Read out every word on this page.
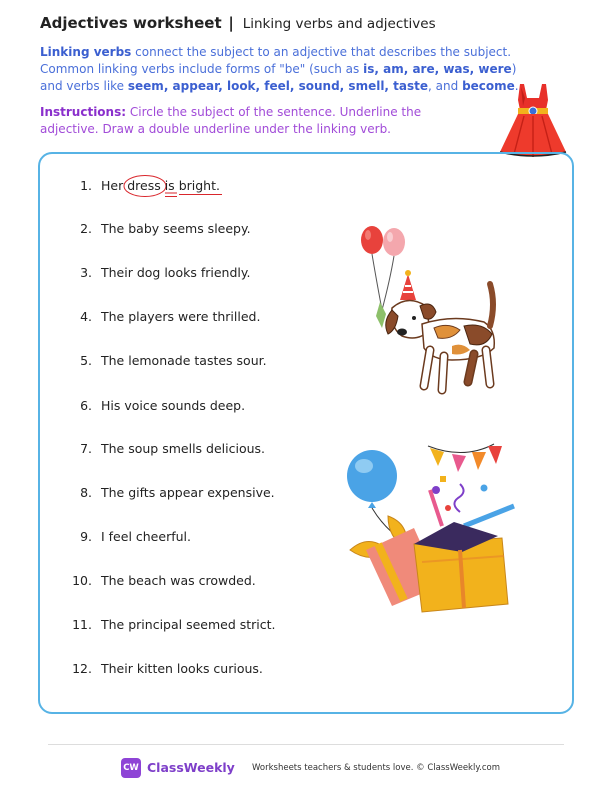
Adjectives worksheet | Linking verbs and adjectives
Linking verbs connect the subject to an adjective that describes the subject. Common linking verbs include forms of "be" (such as is, am, are, was, were) and verbs like seem, appear, look, feel, sound, smell, taste, and become.
Instructions: Circle the subject of the sentence. Underline the adjective. Draw a double underline under the linking verb.
1. Her dress is bright
.
2. The baby seems sleepy.
3. Their dog looks friendly.
4. The players were thrilled.
5. The lemonade tastes sour.
6. His voice sounds deep.
7. The soup smells delicious.
8. The gifts appear expensive.
9. I feel cheerful.
10. The beach was crowded.
11. The principal seemed strict.
12. Their kitten looks curious.
CW ClassWeekly Worksheets teachers & students love. © ClassWeekly.com
